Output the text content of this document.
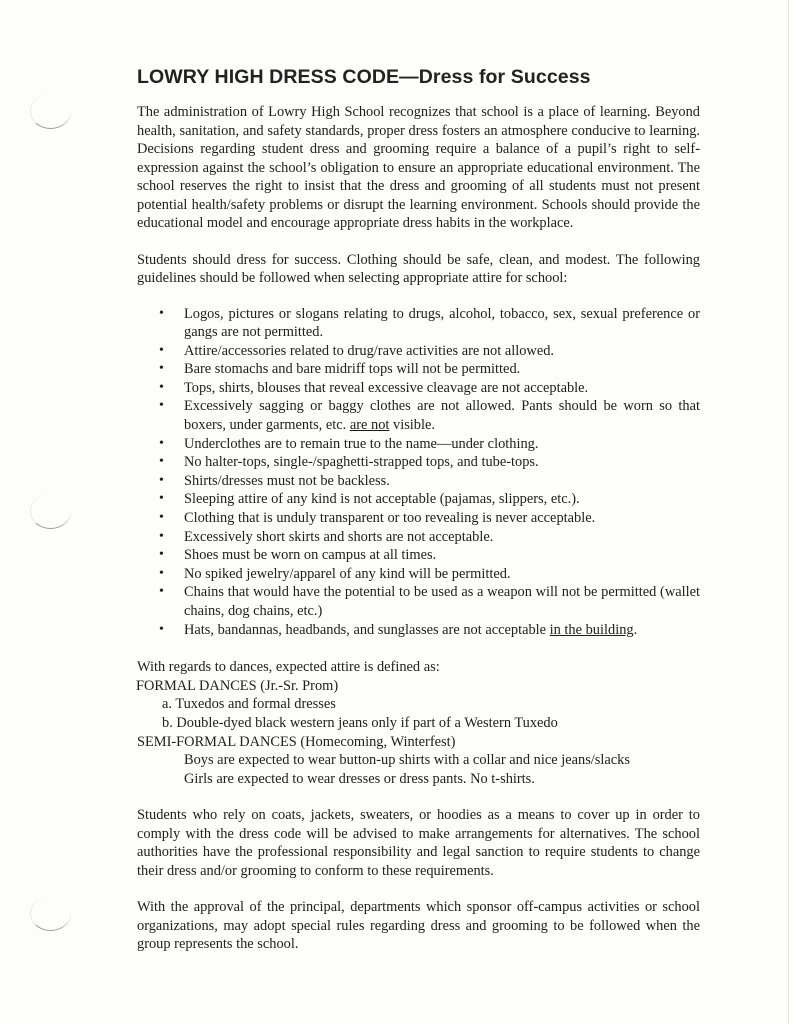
LOWRY HIGH DRESS CODE—Dress for Success

The administration of Lowry High School recognizes that school is a place of learning. Beyond health, sanitation, and safety standards, proper dress fosters an atmosphere conducive to learning. Decisions regarding student dress and grooming require a balance of a pupil’s right to self-expression against the school’s obligation to ensure an appropriate educational environment. The school reserves the right to insist that the dress and grooming of all students must not present potential health/safety problems or disrupt the learning environment. Schools should provide the educational model and encourage appropriate dress habits in the workplace.

Students should dress for success. Clothing should be safe, clean, and modest. The following guidelines should be followed when selecting appropriate attire for school:

• Logos, pictures or slogans relating to drugs, alcohol, tobacco, sex, sexual preference or gangs are not permitted.
• Attire/accessories related to drug/rave activities are not allowed.
• Bare stomachs and bare midriff tops will not be permitted.
• Tops, shirts, blouses that reveal excessive cleavage are not acceptable.
• Excessively sagging or baggy clothes are not allowed. Pants should be worn so that boxers, under garments, etc. are not visible.
• Underclothes are to remain true to the name—under clothing.
• No halter-tops, single-/spaghetti-strapped tops, and tube-tops.
• Shirts/dresses must not be backless.
• Sleeping attire of any kind is not acceptable (pajamas, slippers, etc.).
• Clothing that is unduly transparent or too revealing is never acceptable.
• Excessively short skirts and shorts are not acceptable.
• Shoes must be worn on campus at all times.
• No spiked jewelry/apparel of any kind will be permitted.
• Chains that would have the potential to be used as a weapon will not be permitted (wallet chains, dog chains, etc.)
• Hats, bandannas, headbands, and sunglasses are not acceptable in the building.

With regards to dances, expected attire is defined as:

FORMAL DANCES (Jr.-Sr. Prom)

a. Tuxedos and formal dresses

b. Double-dyed black western jeans only if part of a Western Tuxedo

SEMI-FORMAL DANCES (Homecoming, Winterfest)

Boys are expected to wear button-up shirts with a collar and nice jeans/slacks

Girls are expected to wear dresses or dress pants. No t-shirts.

Students who rely on coats, jackets, sweaters, or hoodies as a means to cover up in order to comply with the dress code will be advised to make arrangements for alternatives. The school authorities have the professional responsibility and legal sanction to require students to change their dress and/or grooming to conform to these requirements.

With the approval of the principal, departments which sponsor off-campus activities or school organizations, may adopt special rules regarding dress and grooming to be followed when the group represents the school.
